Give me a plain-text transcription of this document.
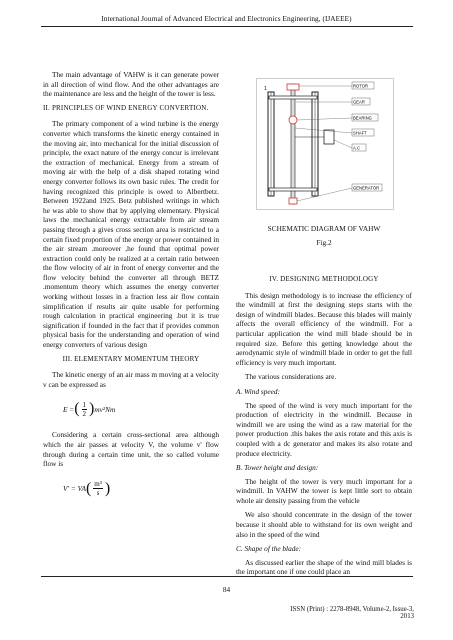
International Journal of Advanced Electrical and Electronics Engineering, (IJAEEE)

The main advantage of VAHW is it can generate power in all direction of wind flow. And the other advantages are the maintenance are less and the height of the tower is less.

II. PRINCIPLES OF WIND ENERGY CONVERTION.

The primary component of a wind turbine is the energy converter which transforms the kinetic energy contained in the moving air, into mechanical for the initial discussion of principle, the exact nature of the energy concur is irrelevant the extraction of mechanical. Energy from a stream of moving air with the help of a disk shaped rotating wind energy converter follows its own basic rules. The credit for having recognized this principle is owed to Albertbetz. Between 1922and 1925. Betz published writings in which he was able to show that by applying elementary. Physical laws the mechanical energy extractable from air stream passing through a gives cross section area is restricted to a certain fixed proportion of the energy or power contained in the air stream .moreover ,he found that optimal power extraction could only be realized at a certain ratio between the flow velocity of air in front of energy converter and the flow velocity behind the converter all through BETZ .momentum theory which assumes the energy converter working without losses in a fraction less air flow contain simplification if results air quite usable for performing rough calculation in practical engineering .but it is true signification if founded in the fact that if provides common physical basis for the understanding and operation of wind energy converters of various design

III. ELEMENTARY MOMENTUM THEORY

The kinetic energy of an air mass m moving at a velocity v can be expressed as

E = ( $\frac{1}{2}$ ) mv²Nm

Considering a certain cross-sectional area although which the air passes at velocity V, the volume v' flow through during a certain time unit, the so called volume flow is

V' = VA ( $\frac{\text{m³}}{s}$ )
ROTOR
GEAR
BEARING
SHAFT
A.C
GENERATOR
1
SCHEMATIC DIAGRAM OF VAHW
Fig.2
IV. DESIGNING METHODOLOGY

This design methodology is to increase the efficiency of the windmill at first the designing steps starts with the design of windmill blades. Because this blades will mainly affects the overall efficiency of the windmill. For a particular application the wind mill blade should be in required size. Before this getting knowledge about the aerodynamic style of windmill blade in order to get the full efficiency is very much important.

The various considerations are.

A. Wind speed:

The speed of the wind is very much important for the production of electricity in the windmill. Because in windmill we are using the wind as a raw material for the power production .this bakes the axis rotate and this axis is coupled with a dc generator and makes its also rotate and produce electricity.

B. Tower height and design:

The height of the tower is very much important for a windmill. In VAHW the tower is kept little sort to obtain whole air density passing from the vehicle

We also should concentrate in the design of the tower because it should able to withstand for its own weight and also in the speed of the wind

C. Shape of the blade:

As discussed earlier the shape of the wind mill blades is the important one if one could place an

84
ISSN (Print) : 2278-8948, Volume-2, Issue-3, 2013
